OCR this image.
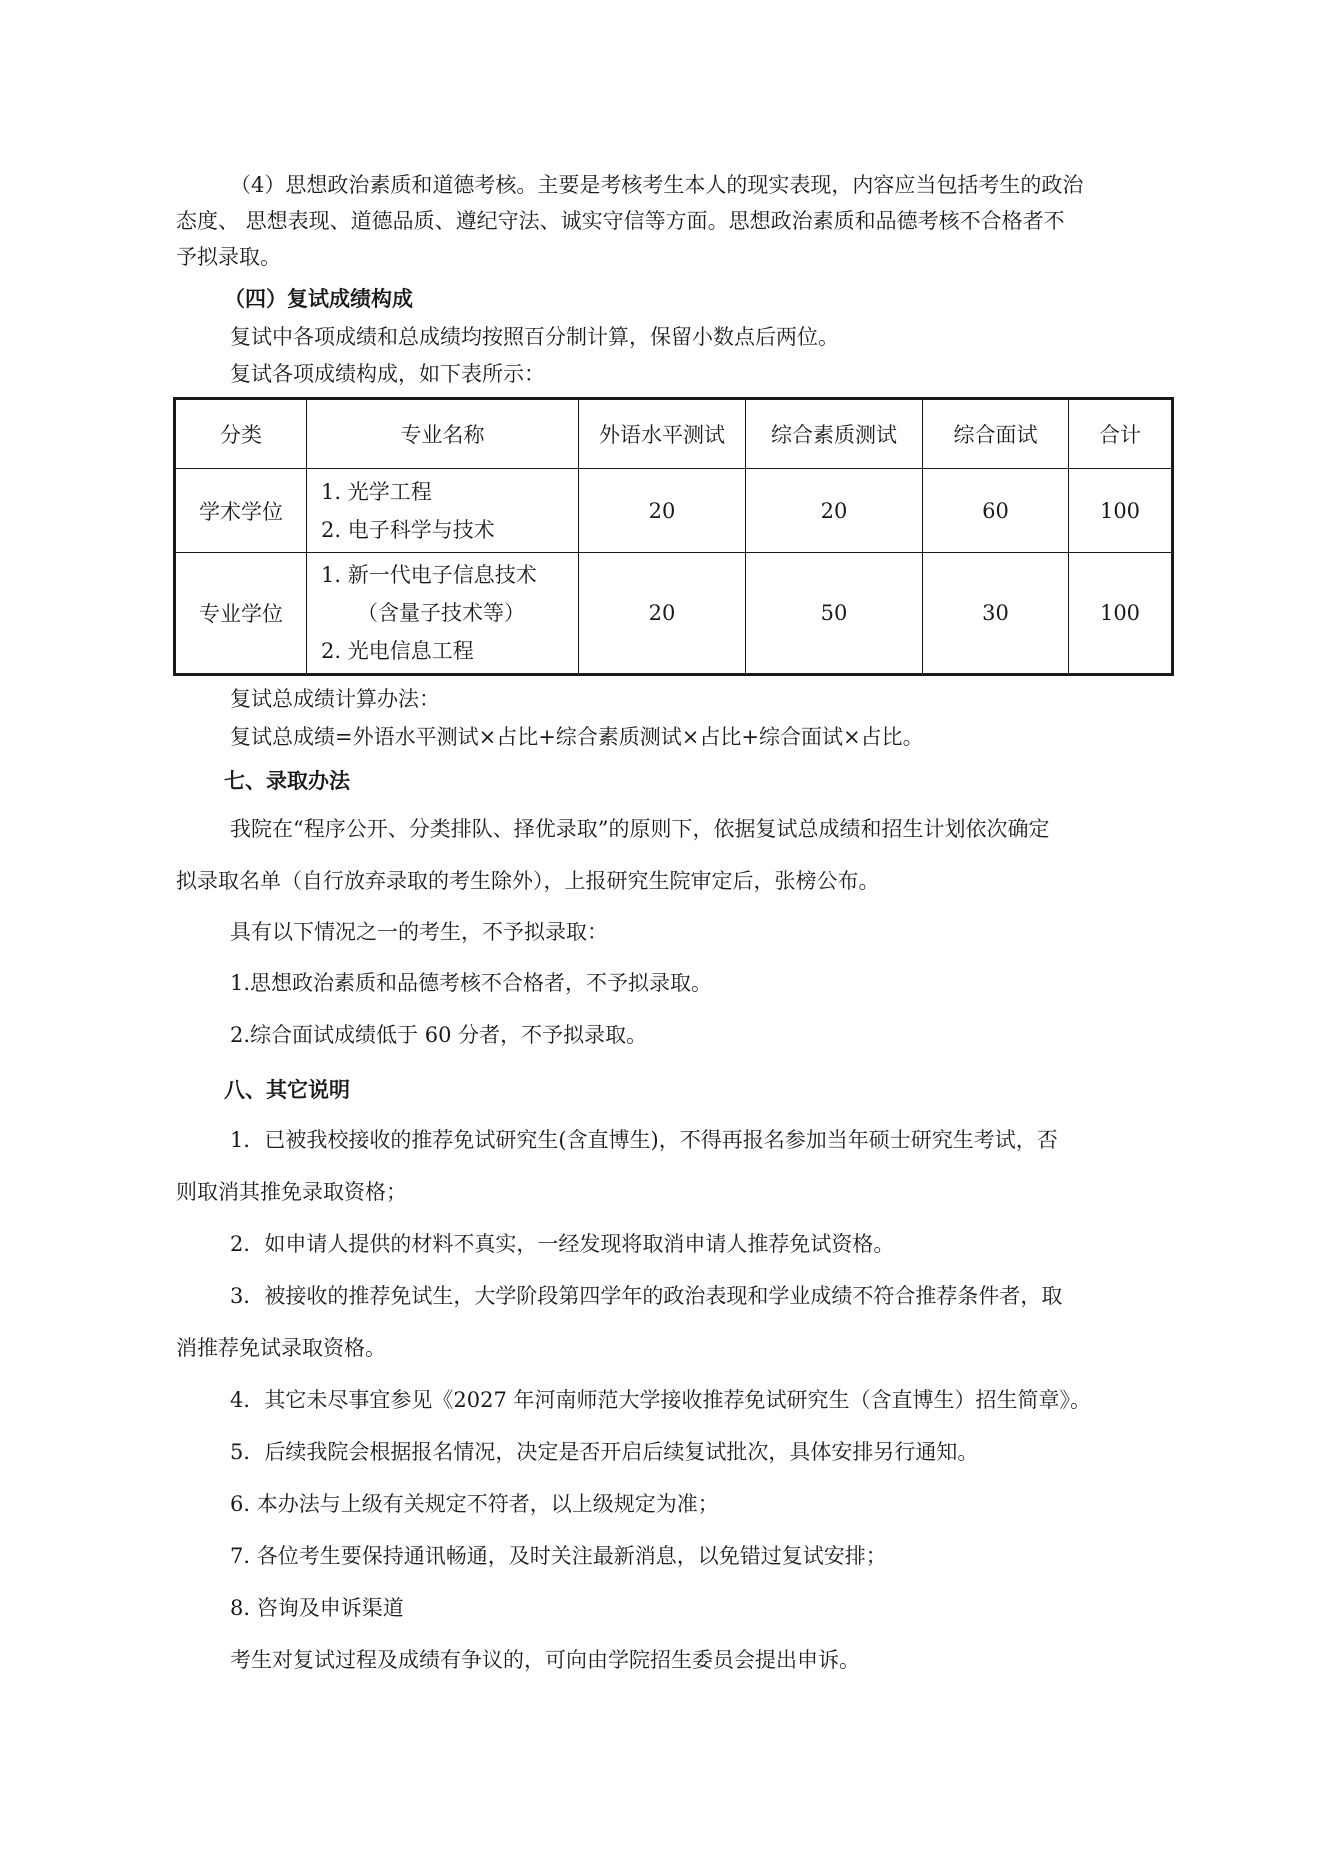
（4）思想政治素质和道德考核。主要是考核考生本人的现实表现，内容应当包括考生的政治
态度、 思想表现、道德品质、遵纪守法、诚实守信等方面。思想政治素质和品德考核不合格者不
予拟录取。
（四）复试成绩构成
复试中各项成绩和总成绩均按照百分制计算，保留小数点后两位。
复试各项成绩构成，如下表所示：
分类	专业名称	外语水平测试	综合素质测试	综合面试	合计
学术学位	1. 光学工程
2. 电子科学与技术	20	20	60	100
专业学位	1. 新一代电子信息技术
（含量子技术等）
2. 光电信息工程	20	50	30	100
复试总成绩计算办法：
复试总成绩=外语水平测试×占比+综合素质测试×占比+综合面试×占比。
七、录取办法
我院在“程序公开、分类排队、择优录取”的原则下，依据复试总成绩和招生计划依次确定
拟录取名单（自行放弃录取的考生除外），上报研究生院审定后，张榜公布。
具有以下情况之一的考生，不予拟录取：
1.思想政治素质和品德考核不合格者，不予拟录取。
2.综合面试成绩低于 60 分者，不予拟录取。
八、其它说明
1．已被我校接收的推荐免试研究生(含直博生)，不得再报名参加当年硕士研究生考试，否
则取消其推免录取资格；
2．如申请人提供的材料不真实，一经发现将取消申请人推荐免试资格。
3．被接收的推荐免试生，大学阶段第四学年的政治表现和学业成绩不符合推荐条件者，取
消推荐免试录取资格。
4．其它未尽事宜参见《2027 年河南师范大学接收推荐免试研究生（含直博生）招生简章》。
5．后续我院会根据报名情况，决定是否开启后续复试批次，具体安排另行通知。
6. 本办法与上级有关规定不符者，以上级规定为准；
7. 各位考生要保持通讯畅通，及时关注最新消息，以免错过复试安排；
8. 咨询及申诉渠道
考生对复试过程及成绩有争议的，可向由学院招生委员会提出申诉。
